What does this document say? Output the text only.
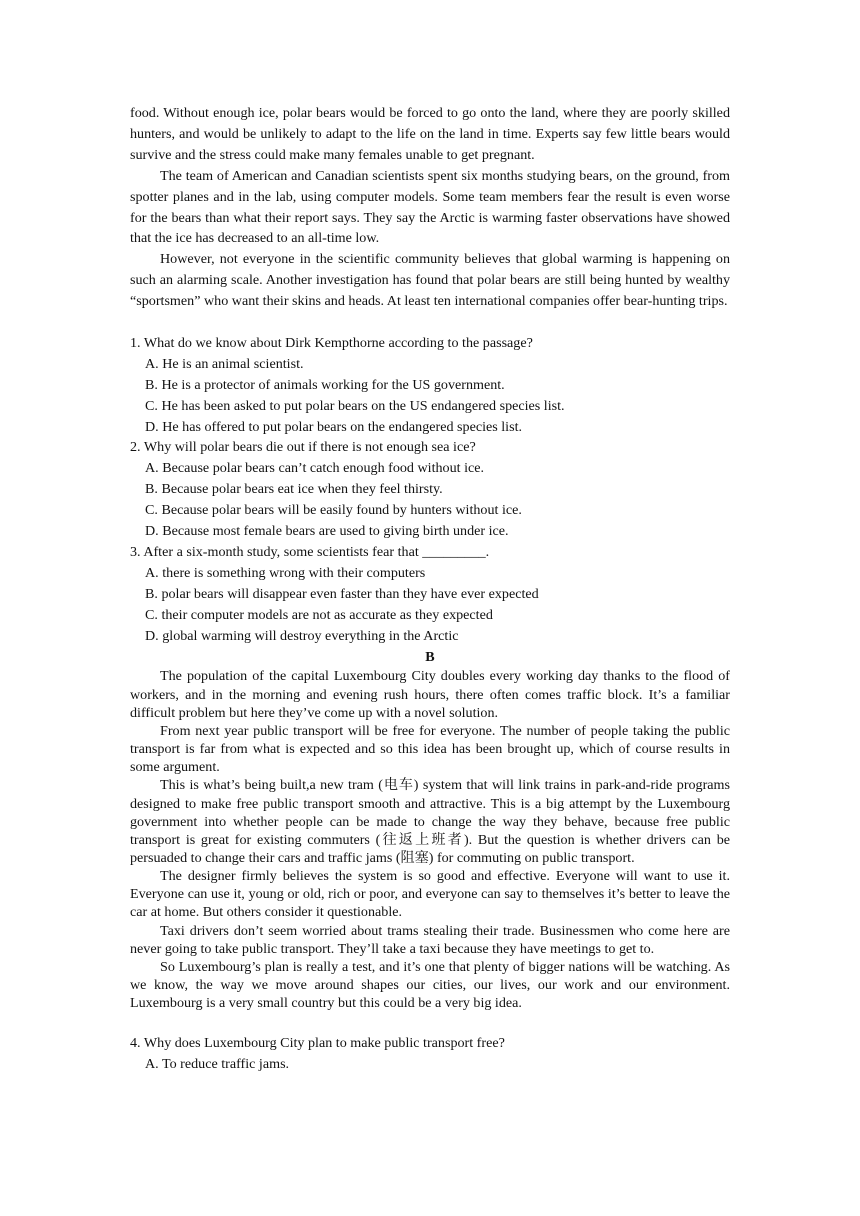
food. Without enough ice, polar bears would be forced to go onto the land, where they are poorly skilled hunters, and would be unlikely to adapt to the life on the land in time. Experts say few little bears would survive and the stress could make many females unable to get pregnant.

The team of American and Canadian scientists spent six months studying bears, on the ground, from spotter planes and in the lab, using computer models. Some team members fear the result is even worse for the bears than what their report says. They say the Arctic is warming faster observations have showed that the ice has decreased to an all-time low.

However, not everyone in the scientific community believes that global warming is happening on such an alarming scale. Another investigation has found that polar bears are still being hunted by wealthy “sportsmen” who want their skins and heads. At least ten international companies offer bear-hunting trips.

1. What do we know about Dirk Kempthorne according to the passage?

A. He is an animal scientist.

B. He is a protector of animals working for the US government.

C. He has been asked to put polar bears on the US endangered species list.

D. He has offered to put polar bears on the endangered species list.

2. Why will polar bears die out if there is not enough sea ice?

A. Because polar bears can’t catch enough food without ice.

B. Because polar bears eat ice when they feel thirsty.

C. Because polar bears will be easily found by hunters without ice.

D. Because most female bears are used to giving birth under ice.

3. After a six-month study, some scientists fear that _________.

A. there is something wrong with their computers

B. polar bears will disappear even faster than they have ever expected

C. their computer models are not as accurate as they expected

D. global warming will destroy everything in the Arctic

B

The population of the capital Luxembourg City doubles every working day thanks to the flood of workers, and in the morning and evening rush hours, there often comes traffic block. It’s a familiar difficult problem but here they’ve come up with a novel solution.

From next year public transport will be free for everyone. The number of people taking the public transport is far from what is expected and so this idea has been brought up, which of course results in some argument.

This is what’s being built,a new tram (电车) system that will link trains in park-and-ride programs designed to make free public transport smooth and attractive. This is a big attempt by the Luxembourg government into whether people can be made to change the way they behave, because free public transport is great for existing commuters (往返上班者). But the question is whether drivers can be persuaded to change their cars and traffic jams (阻塞) for commuting on public transport.

The designer firmly believes the system is so good and effective. Everyone will want to use it. Everyone can use it, young or old, rich or poor, and everyone can say to themselves it’s better to leave the car at home. But others consider it questionable.

Taxi drivers don’t seem worried about trams stealing their trade. Businessmen who come here are never going to take public transport. They’ll take a taxi because they have meetings to get to.

So Luxembourg’s plan is really a test, and it’s one that plenty of bigger nations will be watching. As we know, the way we move around shapes our cities, our lives, our work and our environment. Luxembourg is a very small country but this could be a very big idea.

4. Why does Luxembourg City plan to make public transport free?

A. To reduce traffic jams.
